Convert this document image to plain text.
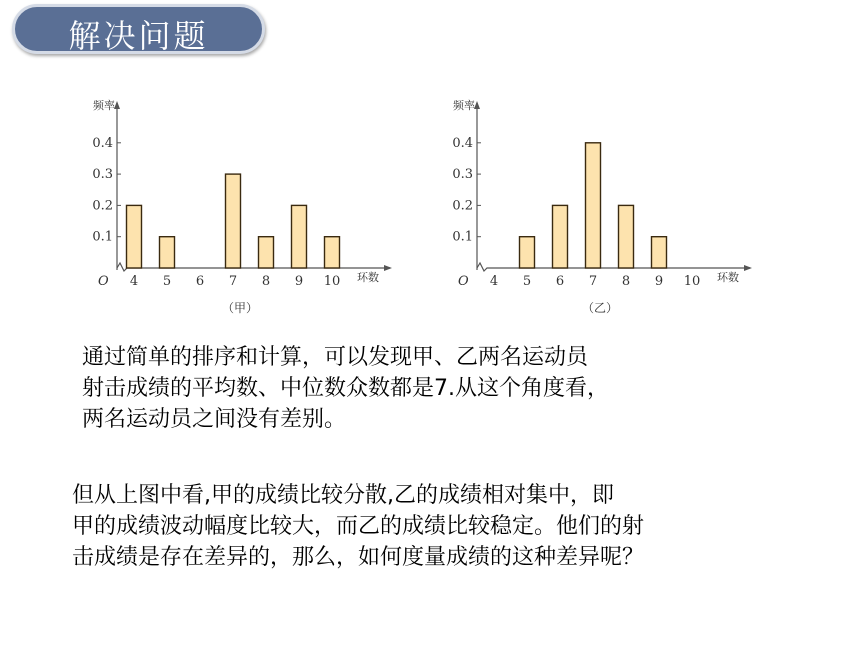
解决问题
频率
O	环数
0.1
0.2
0.3
0.4
4 5 6 7 8 9 10
（甲）
频率
O	环数
0.1
0.2
0.3
0.4
4 5 6 7 8 9 10
（乙）
通过简单的排序和计算，可以发现甲、乙两名运动员
射击成绩的平均数、中位数众数都是7.从这个角度看，
两名运动员之间没有差别。
但从上图中看,甲的成绩比较分散,乙的成绩相对集中，即
甲的成绩波动幅度比较大，而乙的成绩比较稳定。他们的射
击成绩是存在差异的，那么，如何度量成绩的这种差异呢？
